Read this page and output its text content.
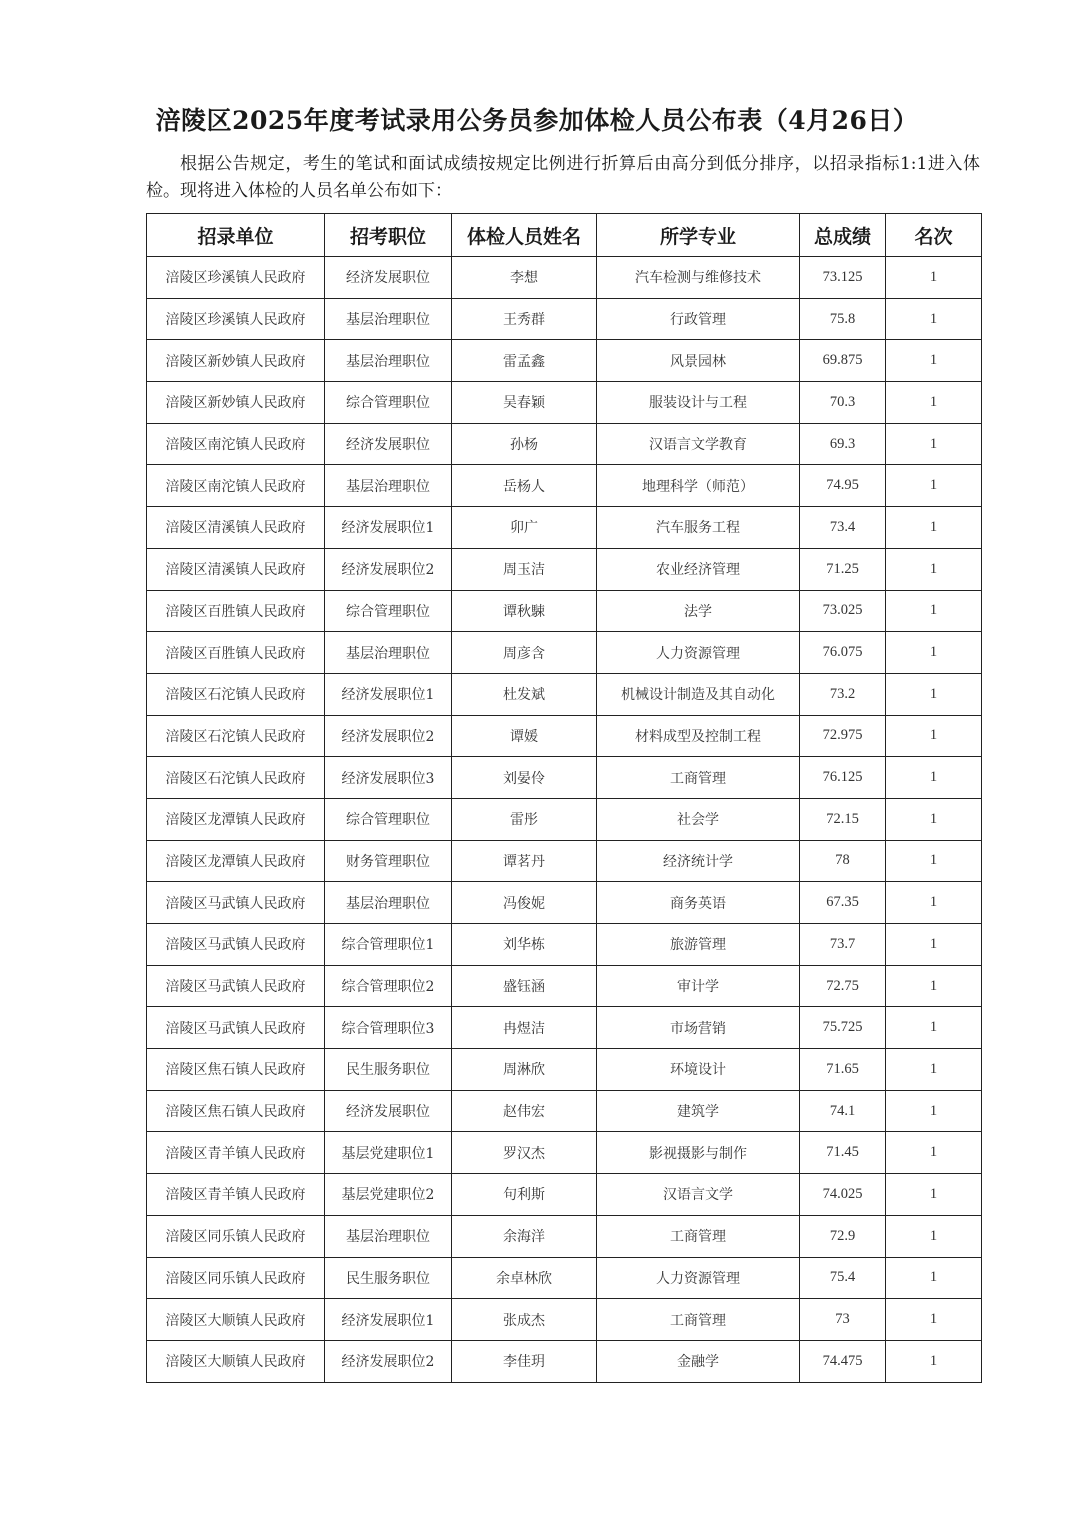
涪陵区2025年度考试录用公务员参加体检人员公布表（4月26日）
根据公告规定，考生的笔试和面试成绩按规定比例进行折算后由高分到低分排序，以招录指标1:1进入体检。现将进入体检的人员名单公布如下：
招录单位	招考职位	体检人员姓名	所学专业	总成绩	名次
涪陵区珍溪镇人民政府	经济发展职位	李想	汽车检测与维修技术	73.125	1
涪陵区珍溪镇人民政府	基层治理职位	王秀群	行政管理	75.8	1
涪陵区新妙镇人民政府	基层治理职位	雷孟鑫	风景园林	69.875	1
涪陵区新妙镇人民政府	综合管理职位	吴春颖	服装设计与工程	70.3	1
涪陵区南沱镇人民政府	经济发展职位	孙杨	汉语言文学教育	69.3	1
涪陵区南沱镇人民政府	基层治理职位	岳杨人	地理科学（师范）	74.95	1
涪陵区清溪镇人民政府	经济发展职位1	卯广	汽车服务工程	73.4	1
涪陵区清溪镇人民政府	经济发展职位2	周玉洁	农业经济管理	71.25	1
涪陵区百胜镇人民政府	综合管理职位	谭秋駷	法学	73.025	1
涪陵区百胜镇人民政府	基层治理职位	周彦含	人力资源管理	76.075	1
涪陵区石沱镇人民政府	经济发展职位1	杜发斌	机械设计制造及其自动化	73.2	1
涪陵区石沱镇人民政府	经济发展职位2	谭媛	材料成型及控制工程	72.975	1
涪陵区石沱镇人民政府	经济发展职位3	刘晏伶	工商管理	76.125	1
涪陵区龙潭镇人民政府	综合管理职位	雷彤	社会学	72.15	1
涪陵区龙潭镇人民政府	财务管理职位	谭茗丹	经济统计学	78	1
涪陵区马武镇人民政府	基层治理职位	冯俊妮	商务英语	67.35	1
涪陵区马武镇人民政府	综合管理职位1	刘华栋	旅游管理	73.7	1
涪陵区马武镇人民政府	综合管理职位2	盛钰涵	审计学	72.75	1
涪陵区马武镇人民政府	综合管理职位3	冉煜洁	市场营销	75.725	1
涪陵区焦石镇人民政府	民生服务职位	周淋欣	环境设计	71.65	1
涪陵区焦石镇人民政府	经济发展职位	赵伟宏	建筑学	74.1	1
涪陵区青羊镇人民政府	基层党建职位1	罗汉杰	影视摄影与制作	71.45	1
涪陵区青羊镇人民政府	基层党建职位2	句利斯	汉语言文学	74.025	1
涪陵区同乐镇人民政府	基层治理职位	余海洋	工商管理	72.9	1
涪陵区同乐镇人民政府	民生服务职位	余卓林欣	人力资源管理	75.4	1
涪陵区大顺镇人民政府	经济发展职位1	张成杰	工商管理	73	1
涪陵区大顺镇人民政府	经济发展职位2	李佳玥	金融学	74.475	1
